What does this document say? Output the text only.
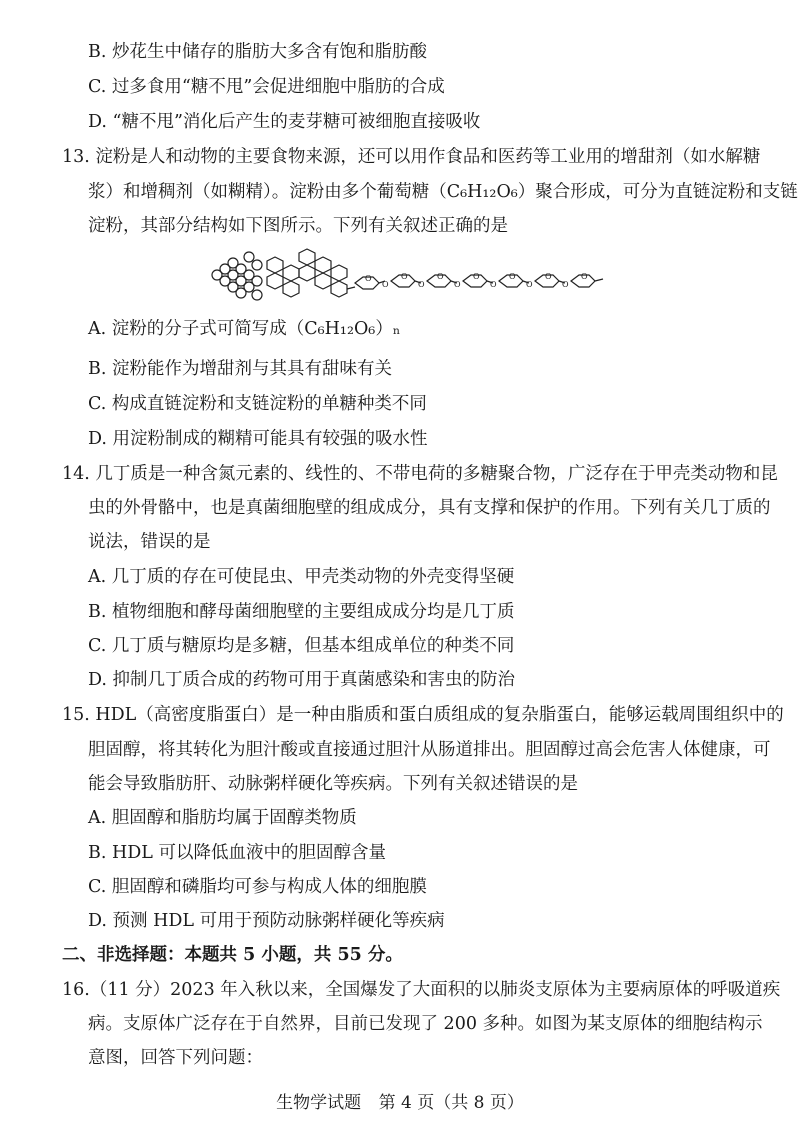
B. 炒花生中储存的脂肪大多含有饱和脂肪酸
C. 过多食用“糖不甩”会促进细胞中脂肪的合成
D. “糖不甩”消化后产生的麦芽糖可被细胞直接吸收
13. 淀粉是人和动物的主要食物来源，还可以用作食品和医药等工业用的增甜剂（如水解糖
浆）和增稠剂（如糊精）。淀粉由多个葡萄糖（C₆H₁₂O₆）聚合形成，可分为直链淀粉和支链
淀粉，其部分结构如下图所示。下列有关叙述正确的是
O
O
O
O
O
O
O
O
O
O
O
O
O
A. 淀粉的分子式可简写成（C₆H₁₂O₆）ₙ
B. 淀粉能作为增甜剂与其具有甜味有关
C. 构成直链淀粉和支链淀粉的单糖种类不同
D. 用淀粉制成的糊精可能具有较强的吸水性
14. 几丁质是一种含氮元素的、线性的、不带电荷的多糖聚合物，广泛存在于甲壳类动物和昆
虫的外骨骼中，也是真菌细胞壁的组成成分，具有支撑和保护的作用。下列有关几丁质的
说法，错误的是
A. 几丁质的存在可使昆虫、甲壳类动物的外壳变得坚硬
B. 植物细胞和酵母菌细胞壁的主要组成成分均是几丁质
C. 几丁质与糖原均是多糖，但基本组成单位的种类不同
D. 抑制几丁质合成的药物可用于真菌感染和害虫的防治
15. HDL（高密度脂蛋白）是一种由脂质和蛋白质组成的复杂脂蛋白，能够运载周围组织中的
胆固醇，将其转化为胆汁酸或直接通过胆汁从肠道排出。胆固醇过高会危害人体健康，可
能会导致脂肪肝、动脉粥样硬化等疾病。下列有关叙述错误的是
A. 胆固醇和脂肪均属于固醇类物质
B. HDL 可以降低血液中的胆固醇含量
C. 胆固醇和磷脂均可参与构成人体的细胞膜
D. 预测 HDL 可用于预防动脉粥样硬化等疾病
二、非选择题：本题共 5 小题，共 55 分。
16.（11 分）2023 年入秋以来，全国爆发了大面积的以肺炎支原体为主要病原体的呼吸道疾
病。支原体广泛存在于自然界，目前已发现了 200 多种。如图为某支原体的细胞结构示
意图，回答下列问题：
生物学试题 第 4 页（共 8 页）
